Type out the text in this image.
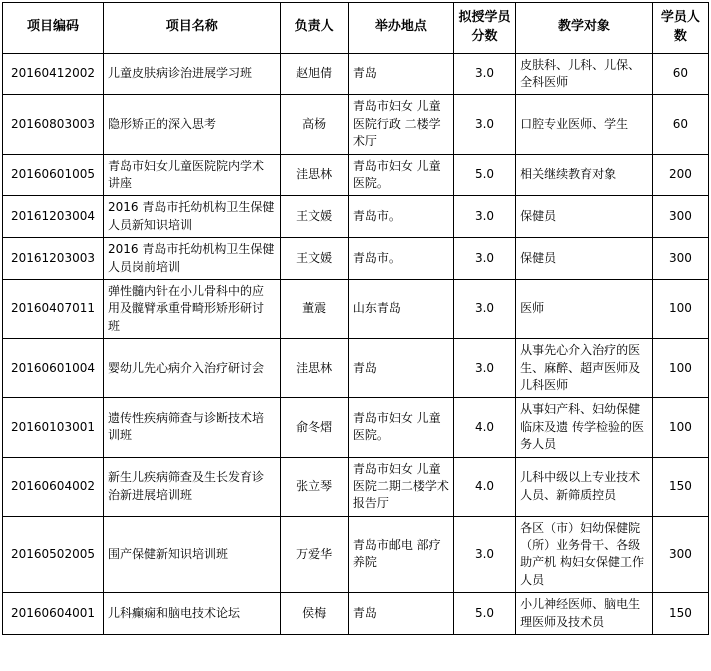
项目编码	项目名称	负责人	举办地点	拟授学员分数	教学对象	学员人数
20160412002	儿童皮肤病诊治进展学习班	赵旭倩	青岛	3.0	皮肤科、儿科、儿保、全科医师	60
20160803003	隐形矫正的深入思考	高杨	青岛市妇女 儿童医院行政 二楼学术厅	3.0	口腔专业医师、学生	60
20160601005	青岛市妇女儿童医院院内学术讲座	洼思林	青岛市妇女 儿童医院。	5.0	相关继续教育对象	200
20161203004	2016 青岛市托幼机构卫生保健人员新知识培训	王文媛	青岛市。	3.0	保健员	300
20161203003	2016 青岛市托幼机构卫生保健人员岗前培训	王文媛	青岛市。	3.0	保健员	300
20160407011	弹性髓内针在小儿骨科中的应用及髋臂承重骨畸形矫形研讨班	董震	山东青岛	3.0	医师	100
20160601004	婴幼儿先心病介入治疗研讨会	洼思林	青岛	3.0	从事先心介入治疗的医生、麻醉、超声医师及儿科医师	100
20160103001	遗传性疾病筛查与诊断技术培训班	俞冬熠	青岛市妇女 儿童医院。	4.0	从事妇产科、妇幼保健临床及遗 传学检验的医务人员	100
20160604002	新生儿疾病筛查及生长发育诊治新进展培训班	张立琴	青岛市妇女 儿童医院二期二楼学术报告厅	4.0	儿科中级以上专业技术人员、新筛质控员	150
20160502005	围产保健新知识培训班	万爱华	青岛市邮电 部疗养院	3.0	各区（市）妇幼保健院（所）业务骨干、各级助产机 构妇女保健工作人员	300
20160604001	儿科癫痫和脑电技术论坛	侯梅	青岛	5.0	小儿神经医师、脑电生理医师及技术员	150
